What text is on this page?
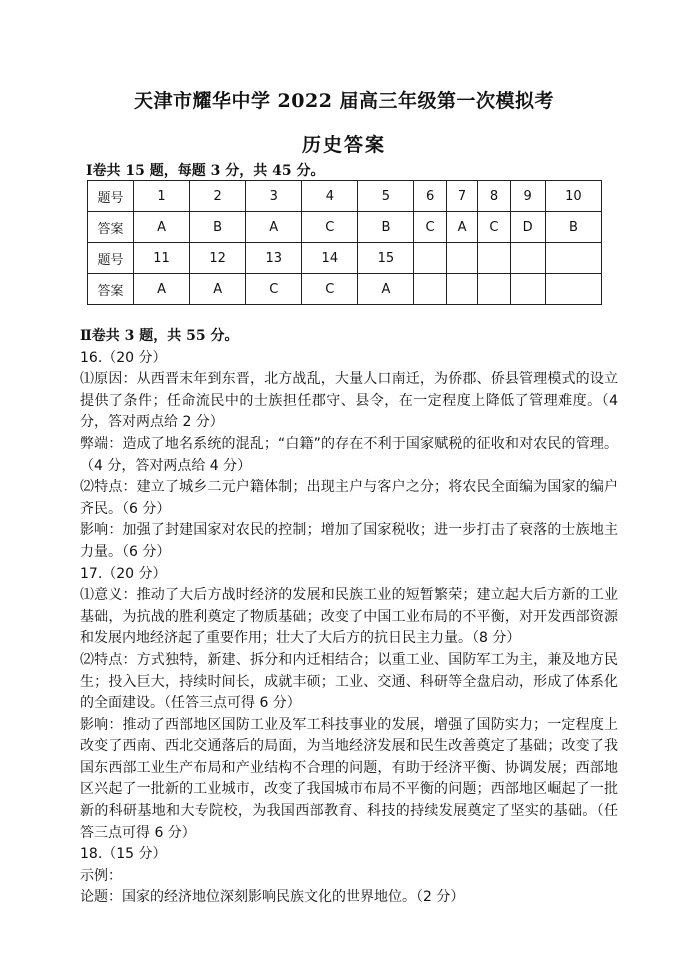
天津市耀华中学 2022 届高三年级第一次模拟考
历史答案
Ⅰ卷共 15 题，每题 3 分，共 45 分。
题号	1	2	3	4	5	6	7	8	9	10
答案	A	B	A	C	B	C	A	C	D	B
题号	11	12	13	14	15					
答案	A	A	C	C	A					

Ⅱ卷共 3 题，共 55 分。

16.（20 分）

⑴原因：从西晋末年到东晋，北方战乱，大量人口南迁，为侨郡、侨县管理模式的设立提供了条件；任命流民中的士族担任郡守、县令，在一定程度上降低了管理难度。（4 分，答对两点给 2 分）

弊端：造成了地名系统的混乱；“白籍”的存在不利于国家赋税的征收和对农民的管理。（4 分，答对两点给 4 分）

⑵特点：建立了城乡二元户籍体制；出现主户与客户之分；将农民全面编为国家的编户齐民。（6 分）

影响：加强了封建国家对农民的控制；增加了国家税收；进一步打击了衰落的士族地主力量。（6 分）

17.（20 分）

⑴意义：推动了大后方战时经济的发展和民族工业的短暂繁荣；建立起大后方新的工业基础，为抗战的胜利奠定了物质基础；改变了中国工业布局的不平衡，对开发西部资源和发展内地经济起了重要作用；壮大了大后方的抗日民主力量。（8 分）

⑵特点：方式独特，新建、拆分和内迁相结合；以重工业、国防军工为主，兼及地方民生；投入巨大，持续时间长，成就丰硕；工业、交通、科研等全盘启动，形成了体系化的全面建设。（任答三点可得 6 分）

影响：推动了西部地区国防工业及军工科技事业的发展，增强了国防实力；一定程度上改变了西南、西北交通落后的局面，为当地经济发展和民生改善奠定了基础；改变了我国东西部工业生产布局和产业结构不合理的问题，有助于经济平衡、协调发展；西部地区兴起了一批新的工业城市，改变了我国城市布局不平衡的问题；西部地区崛起了一批新的科研基地和大专院校，为我国西部教育、科技的持续发展奠定了坚实的基础。（任答三点可得 6 分）

18.（15 分）

示例：

论题：国家的经济地位深刻影响民族文化的世界地位。（2 分）
